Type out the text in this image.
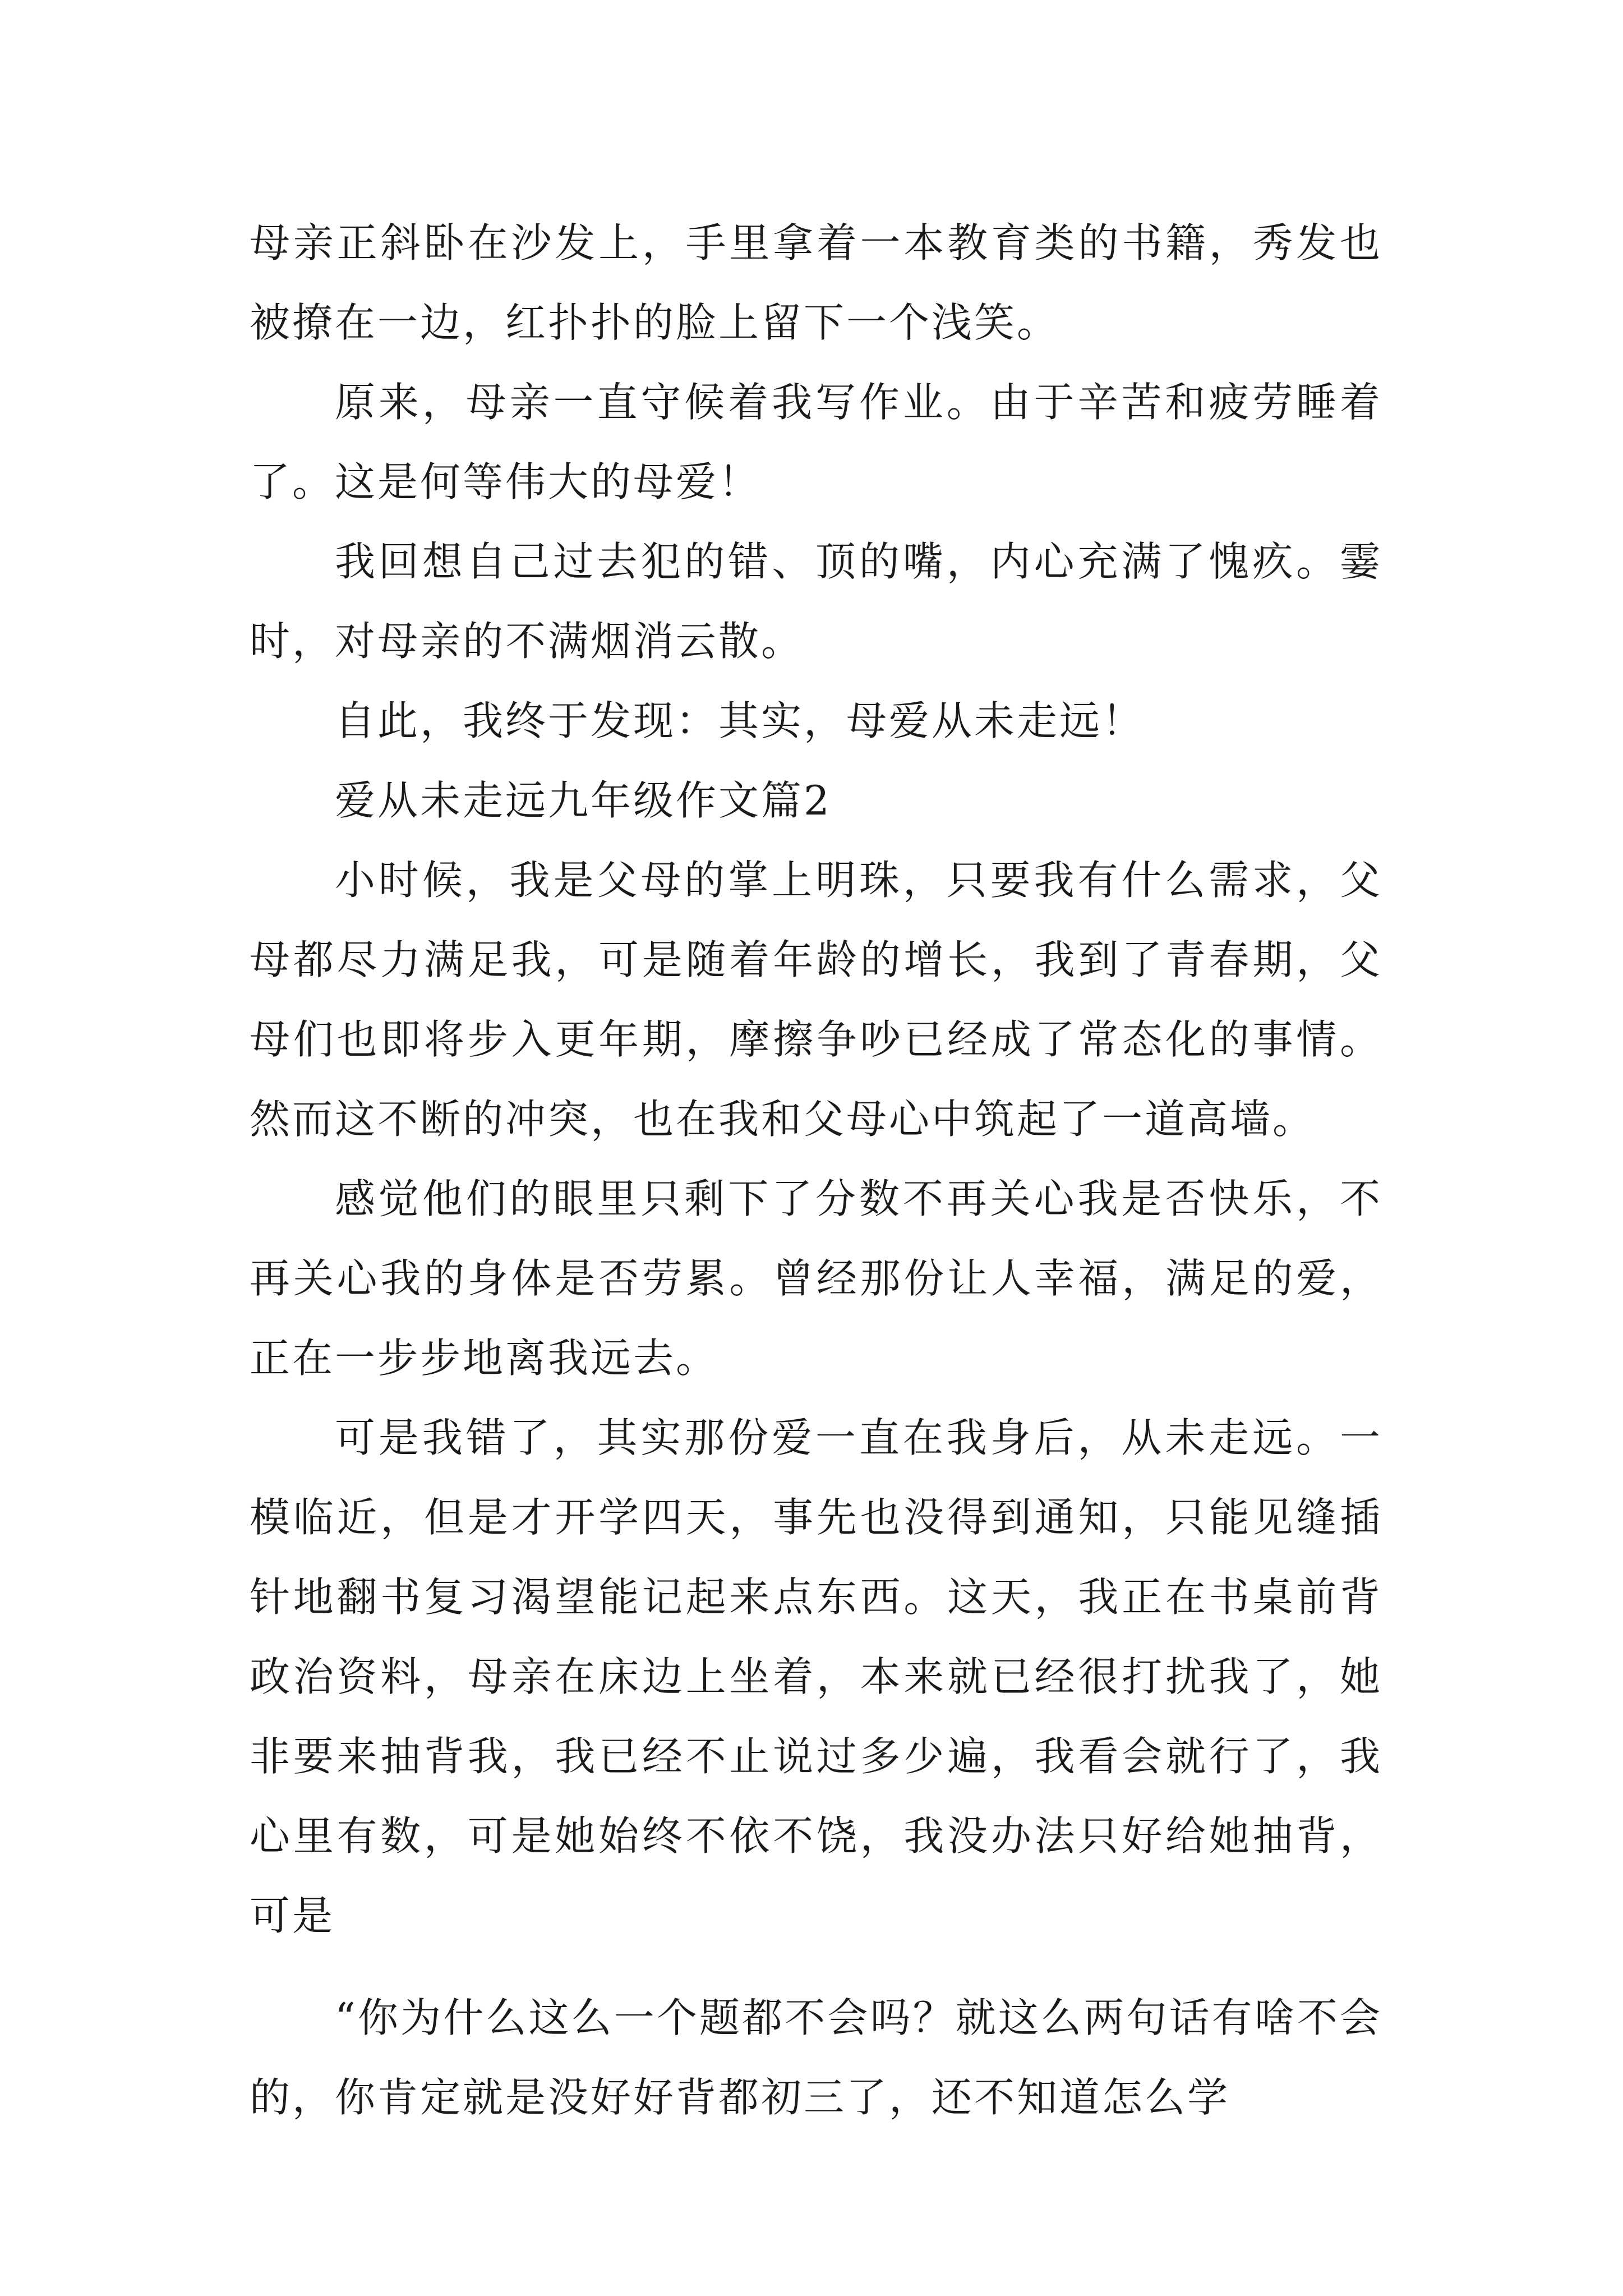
母亲正斜卧在沙发上，手里拿着一本教育类的书籍，秀发也被撩在一边，红扑扑的脸上留下一个浅笑。

原来，母亲一直守候着我写作业。由于辛苦和疲劳睡着了。这是何等伟大的母爱！

我回想自己过去犯的错、顶的嘴，内心充满了愧疚。霎时，对母亲的不满烟消云散。

自此，我终于发现：其实，母爱从未走远！

爱从未走远九年级作文篇2

小时候，我是父母的掌上明珠，只要我有什么需求，父母都尽力满足我，可是随着年龄的增长，我到了青春期，父母们也即将步入更年期，摩擦争吵已经成了常态化的事情。然而这不断的冲突，也在我和父母心中筑起了一道高墙。

感觉他们的眼里只剩下了分数不再关心我是否快乐，不再关心我的身体是否劳累。曾经那份让人幸福，满足的爱，正在一步步地离我远去。

可是我错了，其实那份爱一直在我身后，从未走远。一模临近，但是才开学四天，事先也没得到通知，只能见缝插针地翻书复习渴望能记起来点东西。这天，我正在书桌前背政治资料，母亲在床边上坐着，本来就已经很打扰我了，她非要来抽背我，我已经不止说过多少遍，我看会就行了，我心里有数，可是她始终不依不饶，我没办法只好给她抽背，可是

“你为什么这么一个题都不会吗？就这么两句话有啥不会的，你肯定就是没好好背都初三了，还不知道怎么学
